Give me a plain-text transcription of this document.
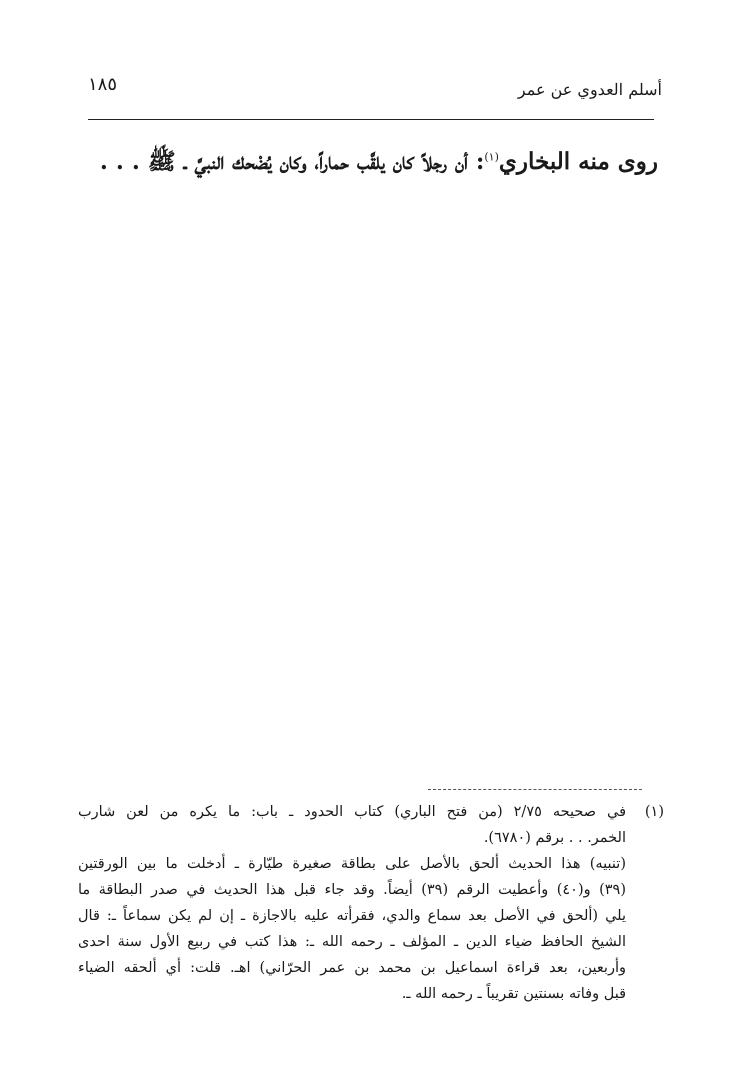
١٨٥	أسلم العدوي عن عمر
روى منه البخاري$^{(١)}$: أن رجلاً كان يلقَّب حماراً، وكان يُضْحك النبيَّ ـ ﷺ . . .
(١)
في صحيحه ٢/٧٥ (من فتح الباري) كتاب الحدود ـ باب: ما يكره من لعن شارب
الخمر. . . برقم (٦٧٨٠).
(تنبيه) هذا الحديث ألحق بالأصل على بطاقة صغيرة طيّارة ـ أدخلت ما بين الورقتين
(٣٩) و(٤٠) وأعطيت الرقم (٣٩) أيضاً. وقد جاء قبل هذا الحديث في صدر البطاقة ما
يلي (ألحق في الأصل بعد سماع والدي، فقرأته عليه بالاجازة ـ إن لم يكن سماعاً ـ: قال
الشيخ الحافظ ضياء الدين ـ المؤلف ـ رحمه الله ـ: هذا كتب في ربيع الأول سنة احدى
وأربعين، بعد قراءة اسماعيل بن محمد بن عمر الحرّاني) اهـ. قلت: أي ألحقه الضياء
قبل وفاته بسنتين تقريباً ـ رحمه الله ـ.
